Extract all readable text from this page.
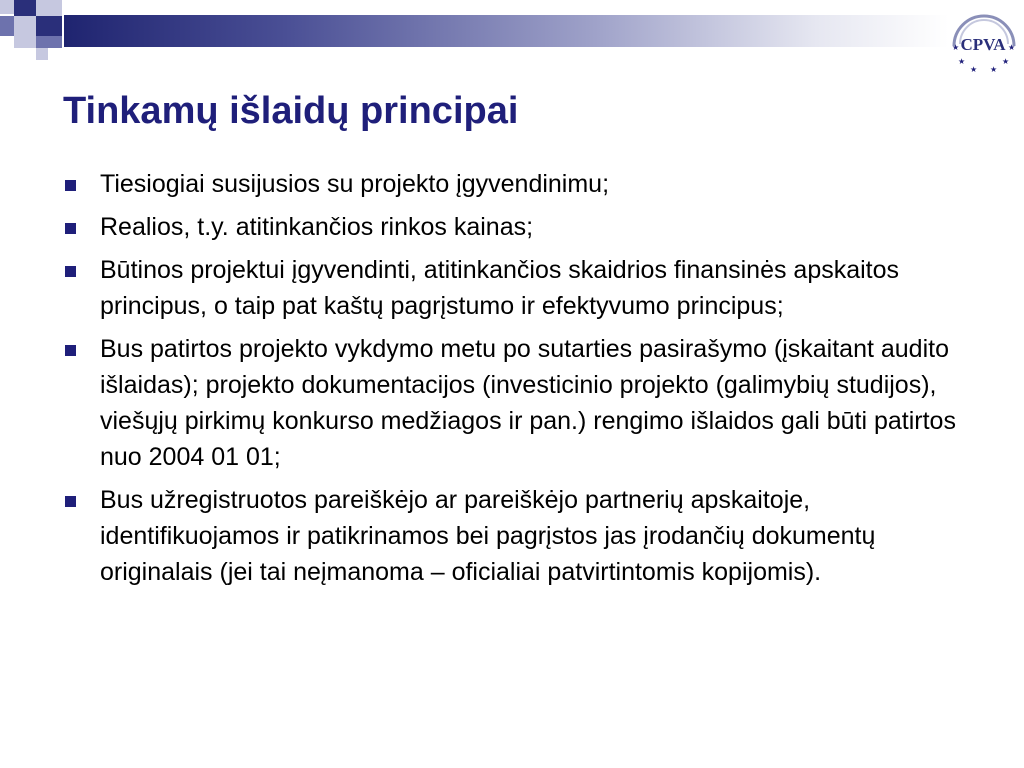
CPVA
★	★
★	★
★ ★
Tinkamų išlaidų principai
Tiesiogiai susijusios su projekto įgyvendinimu;
Realios, t.y. atitinkančios rinkos kainas;
Būtinos projektui įgyvendinti, atitinkančios skaidrios finansinės apskaitos principus, o taip pat kaštų pagrįstumo ir efektyvumo principus;
Bus patirtos projekto vykdymo metu po sutarties pasirašymo (įskaitant audito išlaidas); projekto dokumentacijos (investicinio projekto (galimybių studijos), viešųjų pirkimų konkurso medžiagos ir pan.) rengimo išlaidos gali būti patirtos nuo 2004 01 01;
Bus užregistruotos pareiškėjo ar pareiškėjo partnerių apskaitoje, identifikuojamos ir patikrinamos bei pagrįstos jas įrodančių dokumentų originalais (jei tai neįmanoma – oficialiai patvirtintomis kopijomis).
